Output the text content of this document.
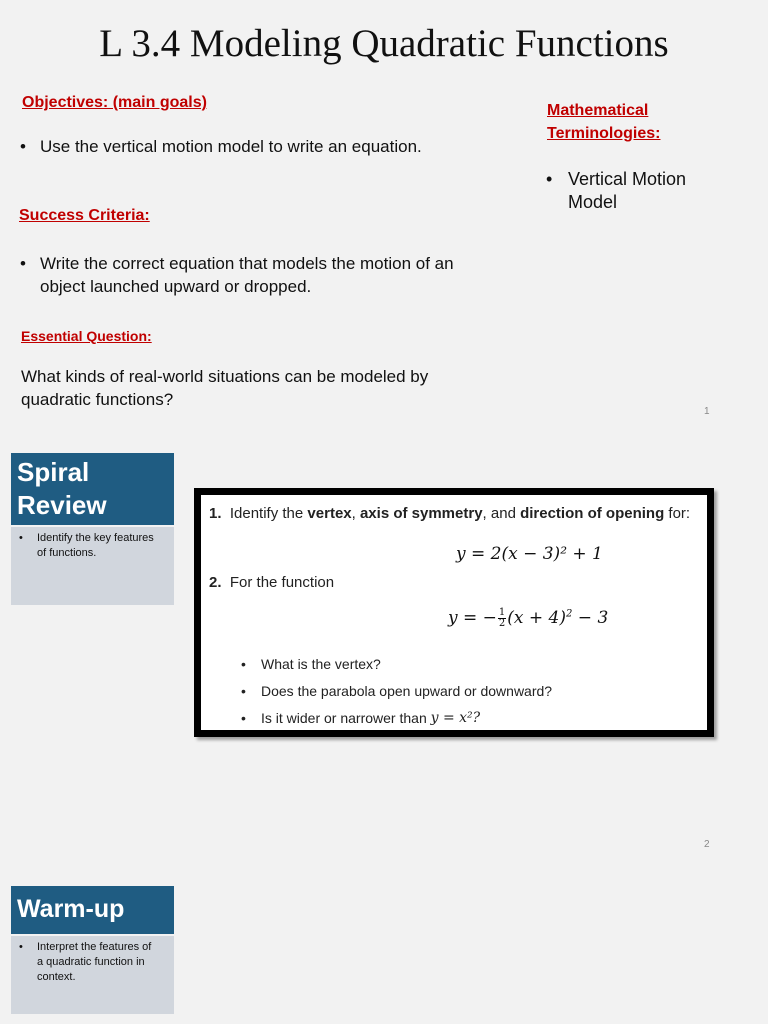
L 3.4 Modeling Quadratic Functions
Objectives: (main goals)
• Use the vertical motion model to write an equation.
Success Criteria:
• Write the correct equation that models the motion of an
object launched upward or dropped.
Essential Question:
What kinds of real-world situations can be modeled by
quadratic functions?
Mathematical
Terminologies:
• Vertical Motion
Model
1
Spiral
Review
•	Identify the key features
of functions.
1. Identify the vertex, axis of symmetry, and direction of opening for:
y = 2(x − 3)² + 1
2. For the function
y = − $\frac{1}{2} (x + 4)^2 - 3$
•	What is the vertex?
•	Does the parabola open upward or downward?
•	Is it wider or narrower than y = x²?
2
Warm-up
•	Interpret the features of
a quadratic function in
context.
